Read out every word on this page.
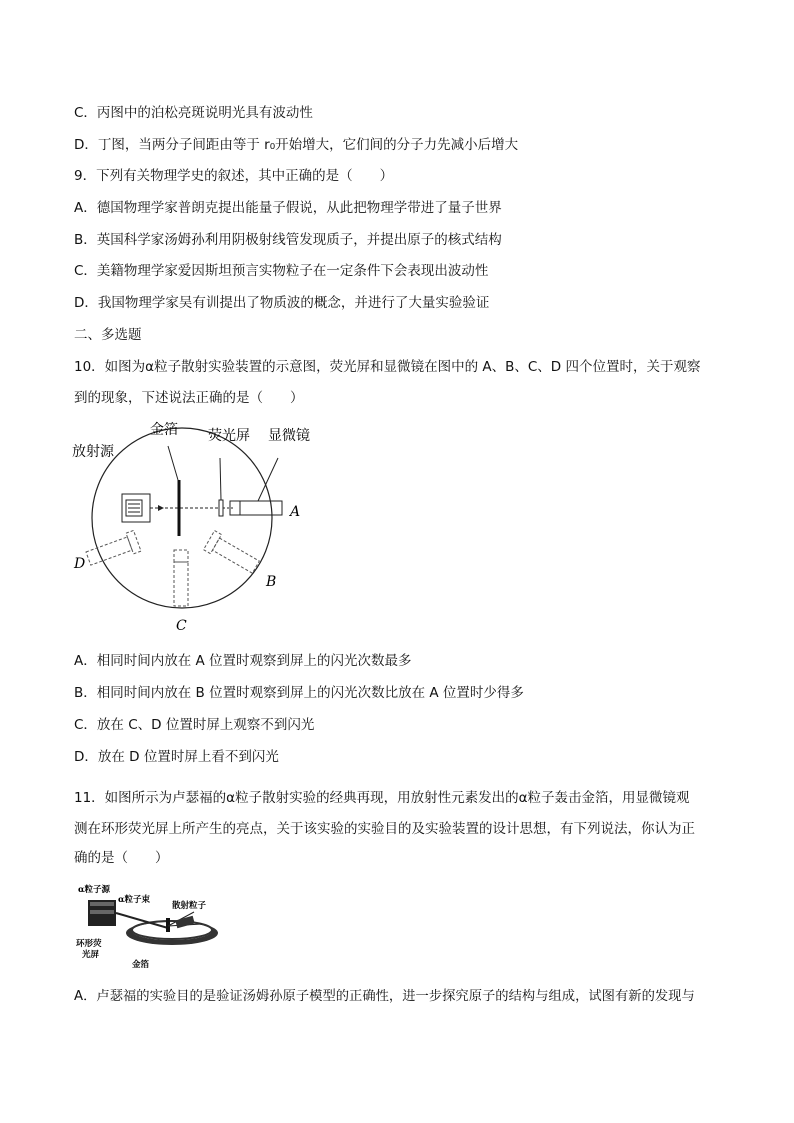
C．丙图中的泊松亮斑说明光具有波动性
D．丁图，当两分子间距由等于 r₀开始增大，它们间的分子力先减小后增大
9．下列有关物理学史的叙述，其中正确的是（　　）
A．德国物理学家普朗克提出能量子假说，从此把物理学带进了量子世界
B．英国科学家汤姆孙利用阴极射线管发现质子，并提出原子的核式结构
C．美籍物理学家爱因斯坦预言实物粒子在一定条件下会表现出波动性
D．我国物理学家吴有训提出了物质波的概念，并进行了大量实验验证
二、多选题
10．如图为α粒子散射实验装置的示意图，荧光屏和显微镜在图中的 A、B、C、D 四个位置时，关于观察
到的现象，下述说法正确的是（　　）
放射源
金箔 荧光屏 显微镜
A
B
C
D
A．相同时间内放在 A 位置时观察到屏上的闪光次数最多
B．相同时间内放在 B 位置时观察到屏上的闪光次数比放在 A 位置时少得多
C．放在 C、D 位置时屏上观察不到闪光
D．放在 D 位置时屏上看不到闪光
11．如图所示为卢瑟福的α粒子散射实验的经典再现，用放射性元素发出的α粒子轰击金箔，用显微镜观
测在环形荧光屏上所产生的亮点，关于该实验的实验目的及实验装置的设计思想，有下列说法，你认为正
确的是（　　）
α粒子源
α粒子束
散射粒子
环形荧
光屏
金箔
A．卢瑟福的实验目的是验证汤姆孙原子模型的正确性，进一步探究原子的结构与组成，试图有新的发现与
